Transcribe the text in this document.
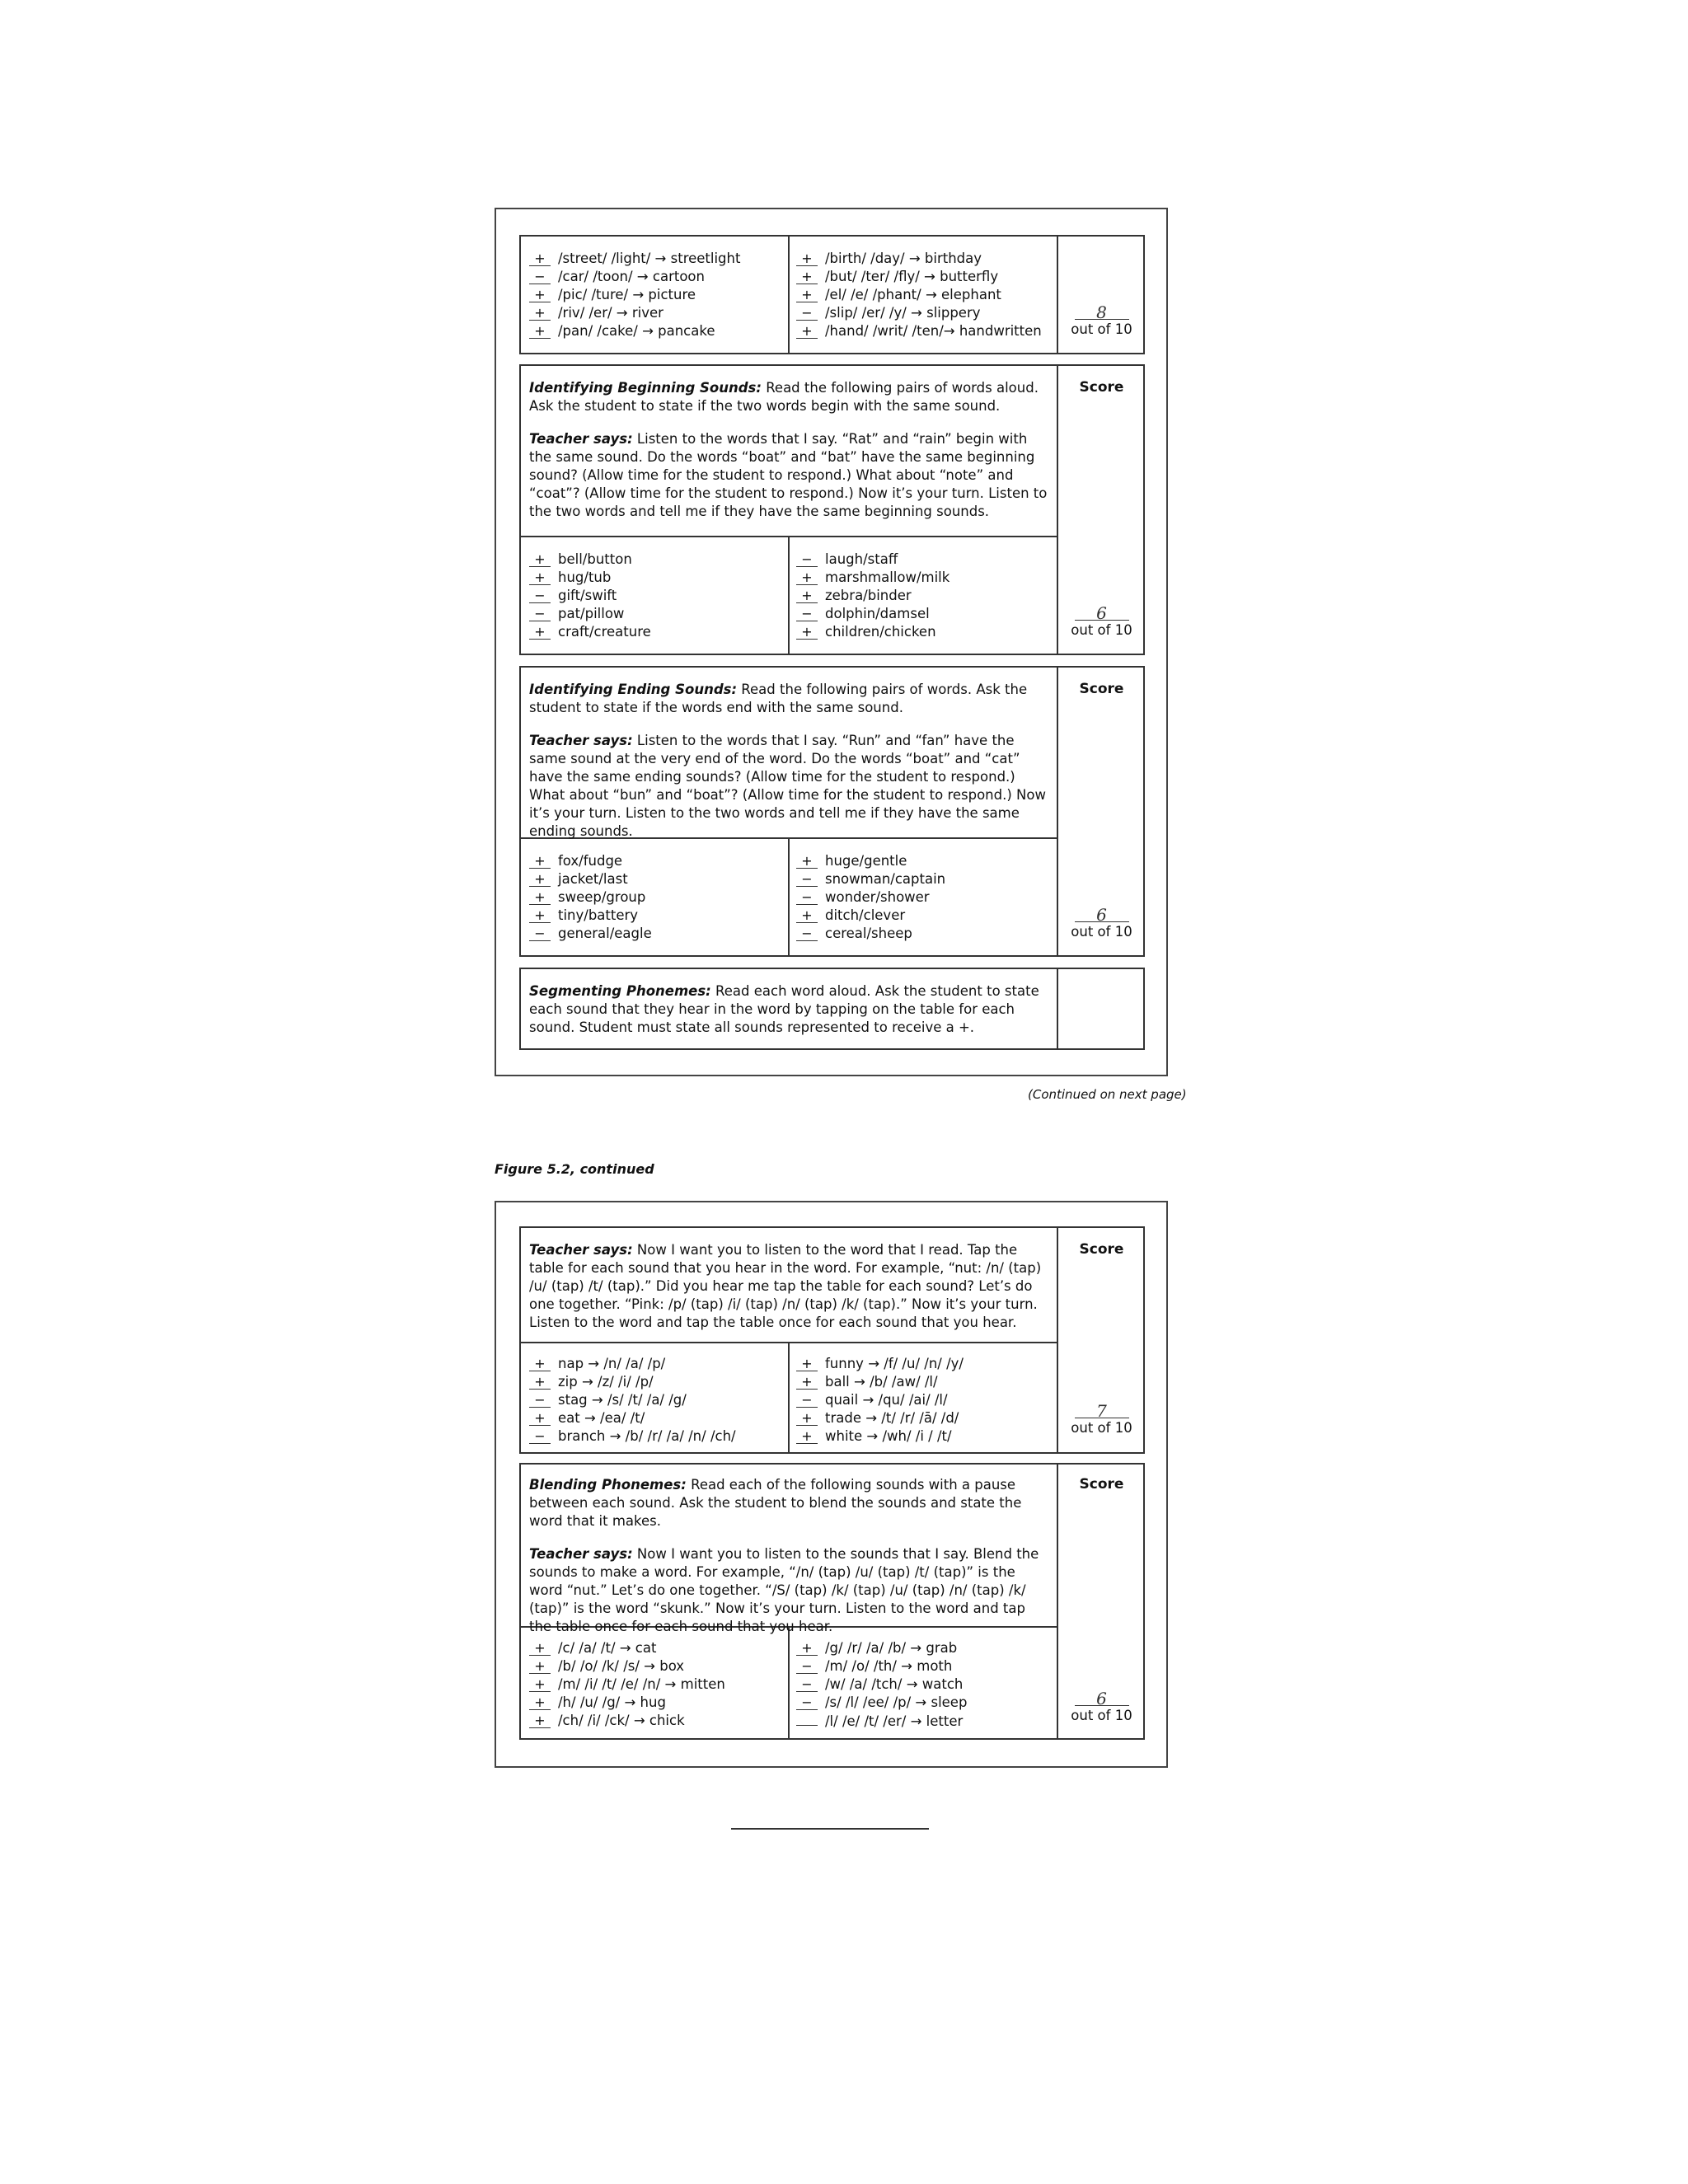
+ /street/ /light/ → streetlight
− /car/ /toon/ → cartoon
+ /pic/ /ture/ → picture
+ /riv/ /er/ → river
+ /pan/ /cake/ → pancake
+ /birth/ /day/ → birthday
+ /but/ /ter/ /fly/ → butterfly
+ /el/ /e/ /phant/ → elephant
− /slip/ /er/ /y/ → slippery
+ /hand/ /writ/ /ten/→ handwritten
8
out of 10

Identifying Beginning Sounds: Read the following pairs of words aloud. Ask the student to state if the two words begin with the same sound.

Teacher says: Listen to the words that I say. “Rat” and “rain” begin with the same sound. Do the words “boat” and “bat” have the same beginning sound? (Allow time for the student to respond.) What about “note” and “coat”? (Allow time for the student to respond.) Now it’s your turn. Listen to the two words and tell me if they have the same beginning sounds.

Score
+ bell/button
+ hug/tub
− gift/swift
− pat/pillow
+ craft/creature
− laugh/staff
+ marshmallow/milk
+ zebra/binder
− dolphin/damsel
+ children/chicken
6
out of 10

Identifying Ending Sounds: Read the following pairs of words. Ask the student to state if the words end with the same sound.

Teacher says: Listen to the words that I say. “Run” and “fan” have the same sound at the very end of the word. Do the words “boat” and “cat” have the same ending sounds? (Allow time for the student to respond.) What about “bun” and “boat”? (Allow time for the student to respond.) Now it’s your turn. Listen to the two words and tell me if they have the same ending sounds.

Score
+ fox/fudge
+ jacket/last
+ sweep/group
+ tiny/battery
− general/eagle
+ huge/gentle
− snowman/captain
− wonder/shower
+ ditch/clever
− cereal/sheep
6
out of 10

Segmenting Phonemes: Read each word aloud. Ask the student to state each sound that they hear in the word by tapping on the table for each sound. Student must state all sounds represented to receive a +.

(Continued on next page)
Figure 5.2, continued

Teacher says: Now I want you to listen to the word that I read. Tap the table for each sound that you hear in the word. For example, “nut: /n/ (tap) /u/ (tap) /t/ (tap).” Did you hear me tap the table for each sound? Let’s do one together. “Pink: /p/ (tap) /i/ (tap) /n/ (tap) /k/ (tap).” Now it’s your turn. Listen to the word and tap the table once for each sound that you hear.

Score
+ nap → /n/ /a/ /p/
+ zip → /z/ /i/ /p/
− stag → /s/ /t/ /a/ /g/
+ eat → /ea/ /t/
− branch → /b/ /r/ /a/ /n/ /ch/
+ funny → /f/ /u/ /n/ /y/
+ ball → /b/ /aw/ /l/
− quail → /qu/ /ai/ /l/
+ trade → /t/ /r/ /ā/ /d/
+ white → /wh/ /i / /t/
7
out of 10

Blending Phonemes: Read each of the following sounds with a pause between each sound. Ask the student to blend the sounds and state the word that it makes.

Teacher says: Now I want you to listen to the sounds that I say. Blend the sounds to make a word. For example, “/n/ (tap) /u/ (tap) /t/ (tap)” is the word “nut.” Let’s do one together. “/S/ (tap) /k/ (tap) /u/ (tap) /n/ (tap) /k/ (tap)” is the word “skunk.” Now it’s your turn. Listen to the word and tap the table once for each sound that you hear.

Score
+ /c/ /a/ /t/ → cat
+ /b/ /o/ /k/ /s/ → box
+ /m/ /i/ /t/ /e/ /n/ → mitten
+ /h/ /u/ /g/ → hug
+ /ch/ /i/ /ck/ → chick
+ /g/ /r/ /a/ /b/ → grab
− /m/ /o/ /th/ → moth
− /w/ /a/ /tch/ → watch
− /s/ /l/ /ee/ /p/ → sleep
/l/ /e/ /t/ /er/ → letter
6
out of 10
